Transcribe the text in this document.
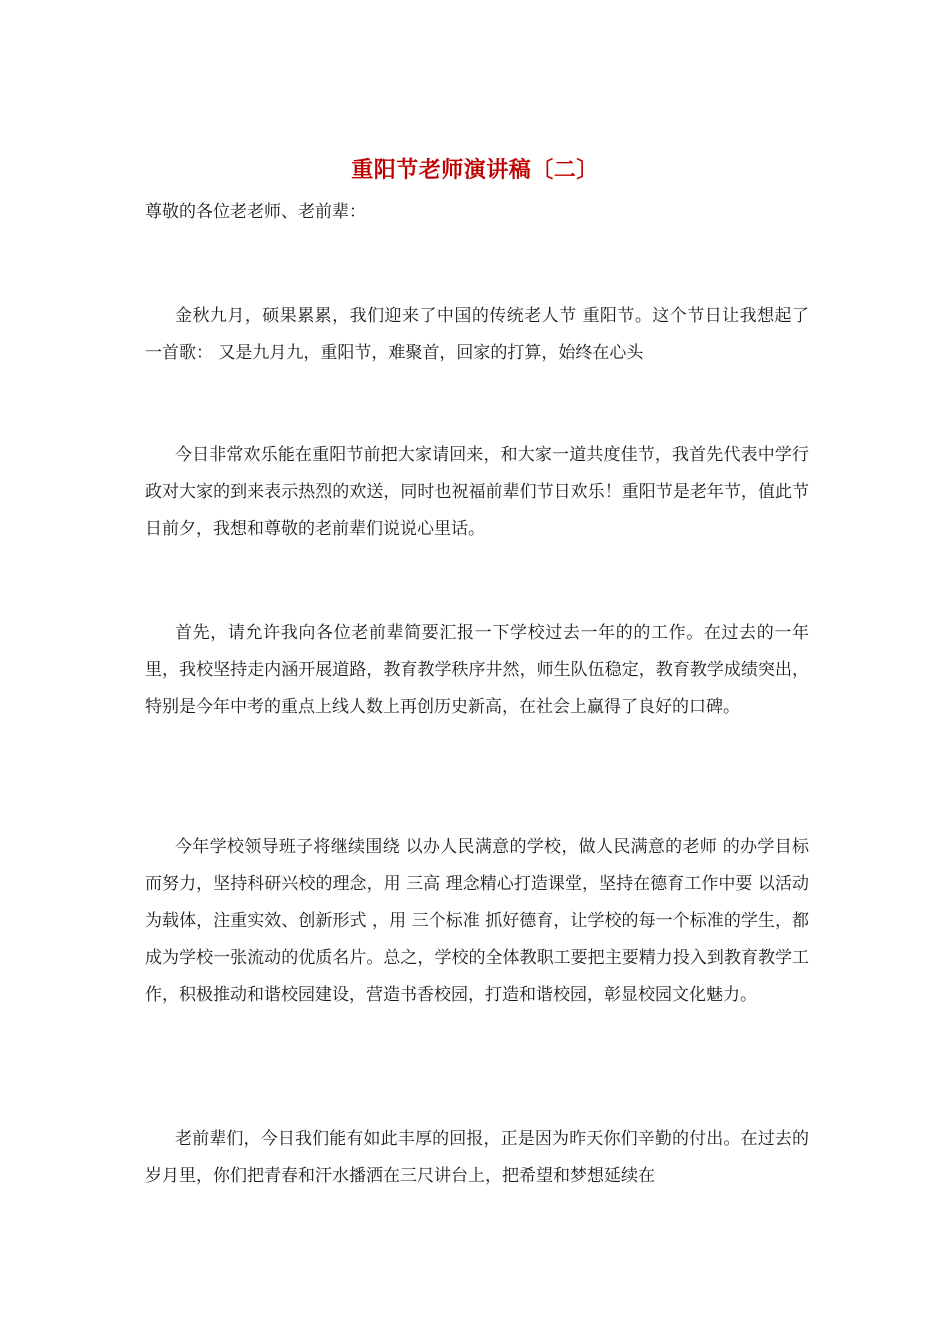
重阳节老师演讲稿〔二〕
尊敬的各位老老师、老前辈：

金秋九月，硕果累累，我们迎来了中国的传统老人节 重阳节。这个节日让我想起了一首歌： 又是九月九，重阳节，难聚首，回家的打算，始终在心头

今日非常欢乐能在重阳节前把大家请回来，和大家一道共度佳节，我首先代表中学行政对大家的到来表示热烈的欢送，同时也祝福前辈们节日欢乐！重阳节是老年节，值此节日前夕，我想和尊敬的老前辈们说说心里话。

首先，请允许我向各位老前辈简要汇报一下学校过去一年的的工作。在过去的一年里，我校坚持走内涵开展道路，教育教学秩序井然，师生队伍稳定，教育教学成绩突出，特别是今年中考的重点上线人数上再创历史新高，在社会上赢得了良好的口碑。

今年学校领导班子将继续围绕 以办人民满意的学校，做人民满意的老师 的办学目标而努力，坚持科研兴校的理念，用 三高 理念精心打造课堂，坚持在德育工作中要 以活动为载体，注重实效、创新形式 ，用 三个标准 抓好德育，让学校的每一个标准的学生，都成为学校一张流动的优质名片。总之，学校的全体教职工要把主要精力投入到教育教学工作，积极推动和谐校园建设，营造书香校园，打造和谐校园，彰显校园文化魅力。

老前辈们，今日我们能有如此丰厚的回报，正是因为昨天你们辛勤的付出。在过去的岁月里，你们把青春和汗水播洒在三尺讲台上，把希望和梦想延续在
